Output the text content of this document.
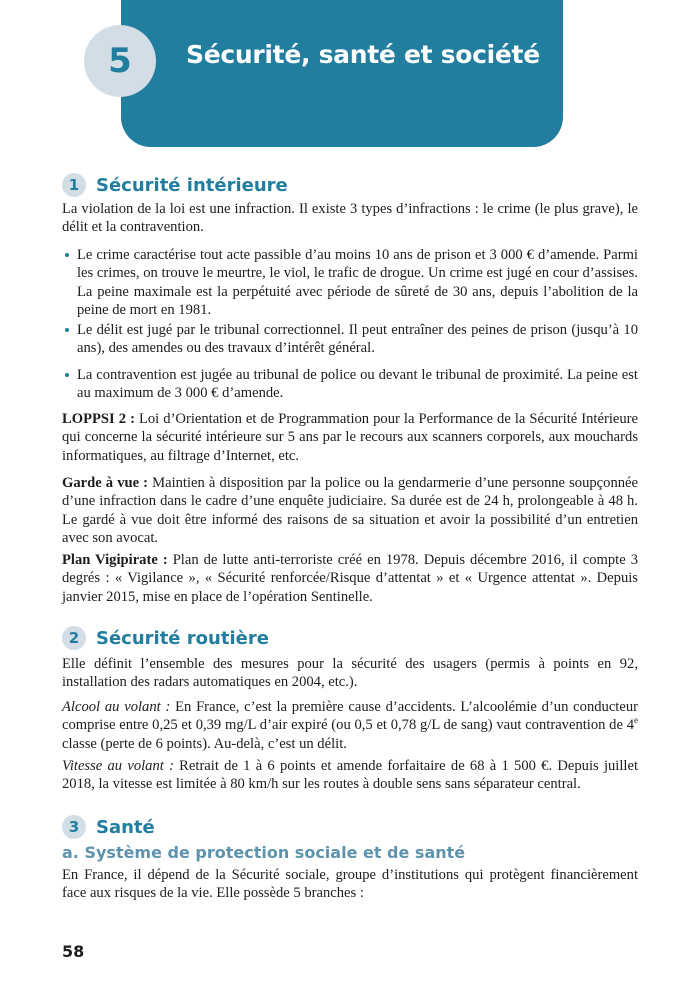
5	Sécurité, santé et société
1 Sécurité intérieure
La violation de la loi est une infraction. Il existe 3 types d’infractions : le crime (le plus grave), le délit et la contravention.
Le crime caractérise tout acte passible d’au moins 10 ans de prison et 3 000 € d’amende. Parmi les crimes, on trouve le meurtre, le viol, le trafic de drogue. Un crime est jugé en cour d’assises. La peine maximale est la perpétuité avec période de sûreté de 30 ans, depuis l’abolition de la peine de mort en 1981.
Le délit est jugé par le tribunal correctionnel. Il peut entraîner des peines de prison (jusqu’à 10 ans), des amendes ou des travaux d’intérêt général.
La contravention est jugée au tribunal de police ou devant le tribunal de proximité. La peine est au maximum de 3 000 € d’amende.
LOPPSI 2 : Loi d’Orientation et de Programmation pour la Performance de la Sécurité Intérieure qui concerne la sécurité intérieure sur 5 ans par le recours aux scanners corporels, aux mouchards informatiques, au filtrage d’Internet, etc.
Garde à vue : Maintien à disposition par la police ou la gendarmerie d’une personne soupçonnée d’une infraction dans le cadre d’une enquête judiciaire. Sa durée est de 24 h, prolongeable à 48 h. Le gardé à vue doit être informé des raisons de sa situation et avoir la possibilité d’un entretien avec son avocat.
Plan Vigipirate : Plan de lutte anti-terroriste créé en 1978. Depuis décembre 2016, il compte 3 degrés : « Vigilance », « Sécurité renforcée/Risque d’attentat » et « Urgence attentat ». Depuis janvier 2015, mise en place de l’opération Sentinelle.
2 Sécurité routière
Elle définit l’ensemble des mesures pour la sécurité des usagers (permis à points en 92, installation des radars automatiques en 2004, etc.).
Alcool au volant : En France, c’est la première cause d’accidents. L’alcoolémie d’un conducteur comprise entre 0,25 et 0,39 mg/L d’air expiré (ou 0,5 et 0,78 g/L de sang) vaut contravention de 4e classe (perte de 6 points). Au-delà, c’est un délit.
Vitesse au volant : Retrait de 1 à 6 points et amende forfaitaire de 68 à 1 500 €. Depuis juillet 2018, la vitesse est limitée à 80 km/h sur les routes à double sens sans séparateur central.
3 Santé
a. Système de protection sociale et de santé
En France, il dépend de la Sécurité sociale, groupe d’institutions qui protègent financièrement face aux risques de la vie. Elle possède 5 branches :
58
